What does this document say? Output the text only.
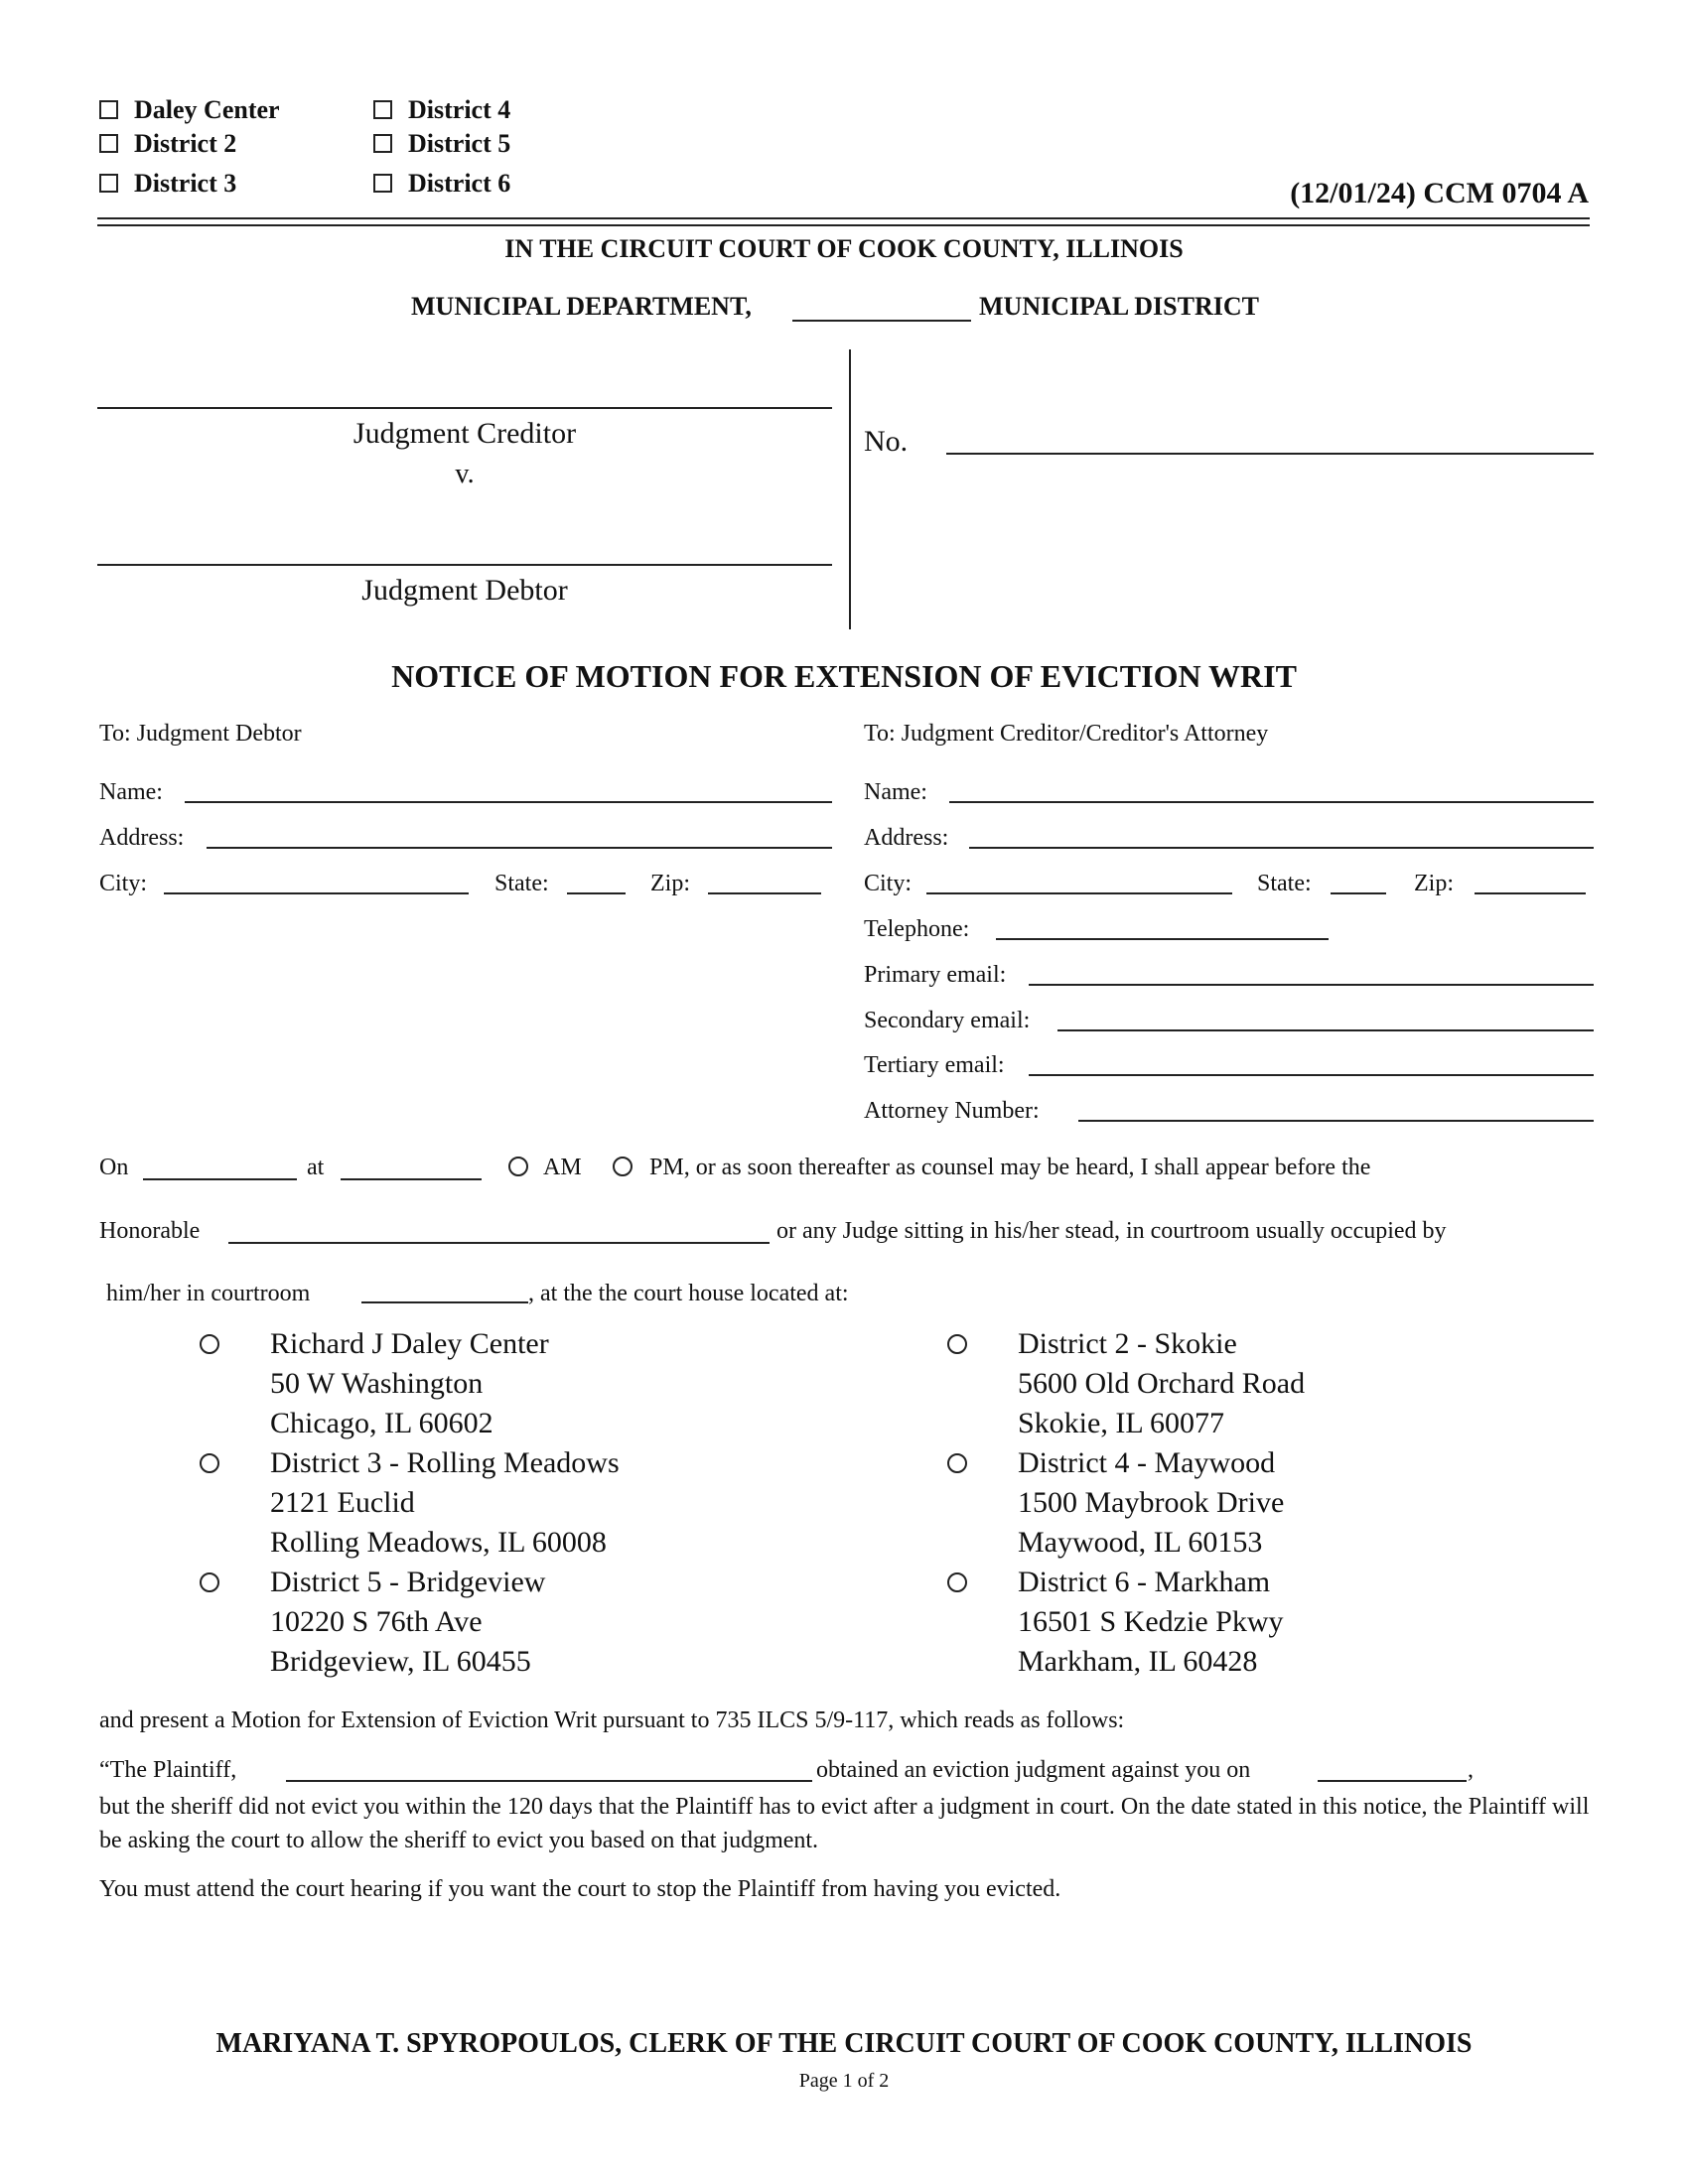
Daley Center
District 2
District 3
District 4
District 5
District 6	(12/01/24) CCM 0704 A
IN THE CIRCUIT COURT OF COOK COUNTY, ILLINOIS
MUNICIPAL DEPARTMENT,	MUNICIPAL DISTRICT
Judgment Creditor
v.
Judgment Debtor
No.
NOTICE OF MOTION FOR EXTENSION OF EVICTION WRIT
To: Judgment Debtor
Name:
Address:
City:	State:	Zip:
To: Judgment Creditor/Creditor's Attorney
Name:
Address:
City:	State:	Zip:
Telephone:
Primary email:
Secondary email:
Tertiary email:
Attorney Number:
On	at	AM	PM, or as soon thereafter as counsel may be heard, I shall appear before the
Honorable	or any Judge sitting in his/her stead, in courtroom usually occupied by
him/her in courtroom	, at the the court house located at:
Richard J Daley Center
50 W Washington
Chicago, IL 60602
District 2 - Skokie
5600 Old Orchard Road
Skokie, IL 60077
District 3 - Rolling Meadows
2121 Euclid
Rolling Meadows, IL 60008
District 4 - Maywood
1500 Maybrook Drive
Maywood, IL 60153
District 5 - Bridgeview
10220 S 76th Ave
Bridgeview, IL 60455
District 6 - Markham
16501 S Kedzie Pkwy
Markham, IL 60428
and present a Motion for Extension of Eviction Writ pursuant to 735 ILCS 5/9-117, which reads as follows:
“The Plaintiff,	obtained an eviction judgment against you on	,
but the sheriff did not evict you within the 120 days that the Plaintiff has to evict after a judgment in court. On the date stated in this notice, the Plaintiff will be asking the court to allow the sheriff to evict you based on that judgment.
You must attend the court hearing if you want the court to stop the Plaintiff from having you evicted.
MARIYANA T. SPYROPOULOS, CLERK OF THE CIRCUIT COURT OF COOK COUNTY, ILLINOIS
Page 1 of 2
